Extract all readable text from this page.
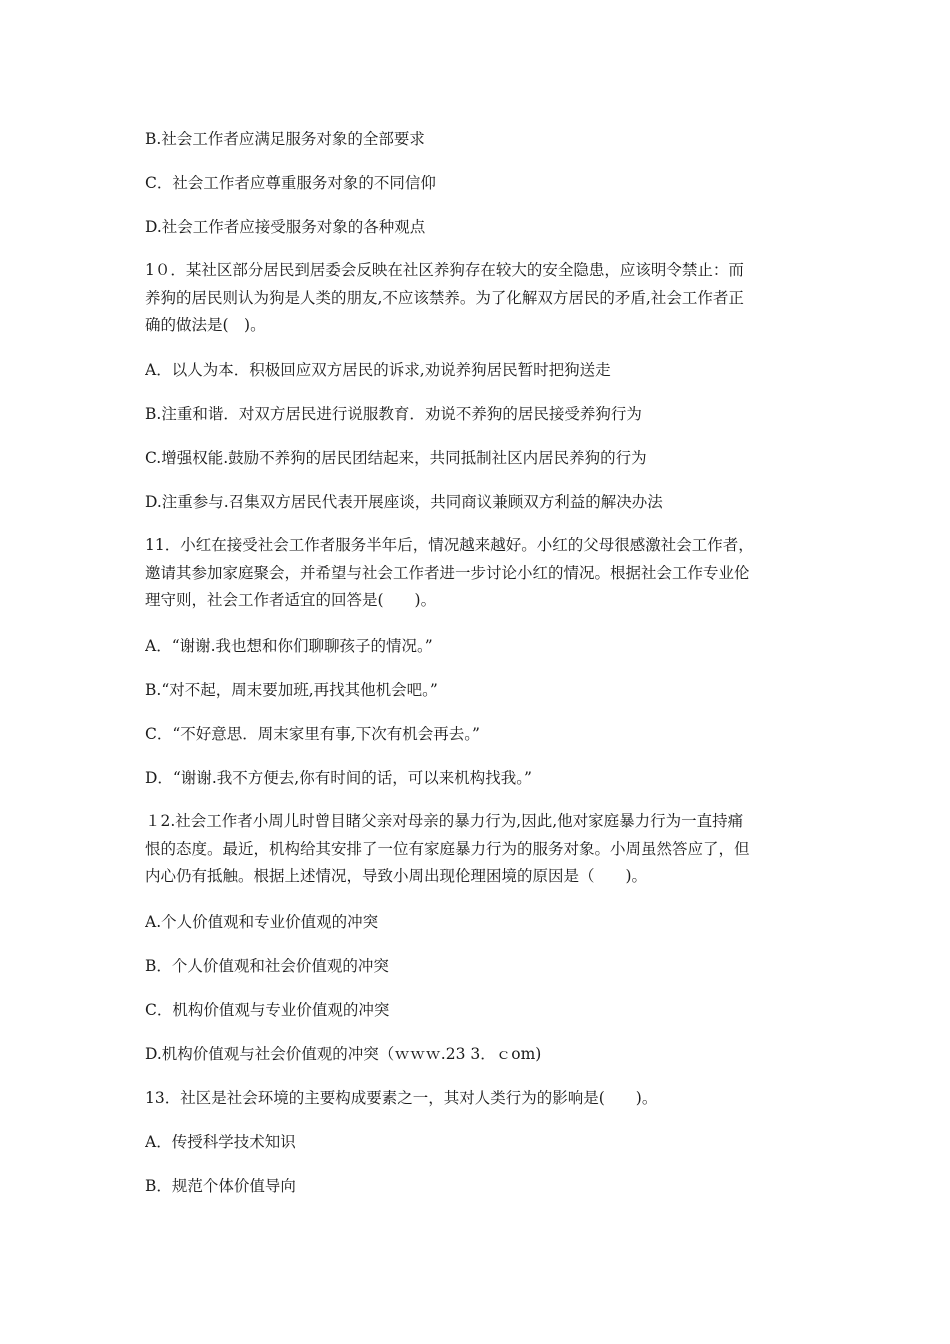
B.社会工作者应满足服务对象的全部要求
C．社会工作者应尊重服务对象的不同信仰
D.社会工作者应接受服务对象的各种观点
1０．某社区部分居民到居委会反映在社区养狗存在较大的安全隐患，应该明令禁止：而
养狗的居民则认为狗是人类的朋友,不应该禁养。为了化解双方居民的矛盾,社会工作者正
确的做法是(　)。
A．以人为本．积极回应双方居民的诉求,劝说养狗居民暂时把狗送走
B.注重和谐．对双方居民进行说服教育．劝说不养狗的居民接受养狗行为
C.增强权能.鼓励不养狗的居民团结起来，共同抵制社区内居民养狗的行为
D.注重参与.召集双方居民代表开展座谈，共同商议兼顾双方利益的解决办法
11．小红在接受社会工作者服务半年后，情况越来越好。小红的父母很感激社会工作者，
邀请其参加家庭聚会，并希望与社会工作者进一步讨论小红的情况。根据社会工作专业伦
理守则，社会工作者适宜的回答是(　　)。
A．“谢谢.我也想和你们聊聊孩子的情况。”
B.“对不起，周末要加班,再找其他机会吧。”
C．“不好意思．周末家里有事,下次有机会再去。”
D．“谢谢.我不方便去,你有时间的话，可以来机构找我。”
１2.社会工作者小周儿时曾目睹父亲对母亲的暴力行为,因此,他对家庭暴力行为一直持痛
恨的态度。最近，机构给其安排了一位有家庭暴力行为的服务对象。小周虽然答应了，但
内心仍有抵触。根据上述情况，导致小周出现伦理困境的原因是（　　)。
A.个人价值观和专业价值观的冲突
B．个人价值观和社会价值观的冲突
C．机构价值观与专业价值观的冲突
D.机构价值观与社会价值观的冲突（ｗｗｗ.23 3．ｃom)
13．社区是社会环境的主要构成要素之一，其对人类行为的影响是(　　)。
A．传授科学技术知识
B．规范个体价值导向
